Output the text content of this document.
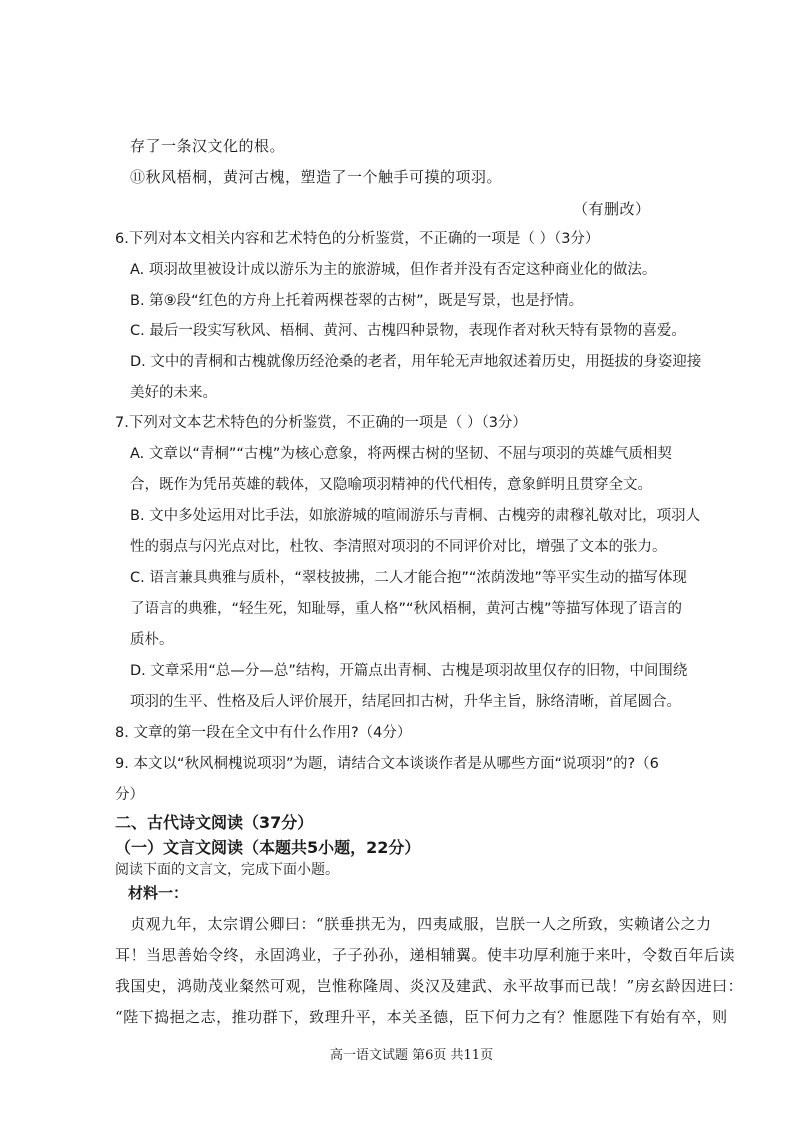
存了一条汉文化的根。
⑪秋风梧桐，黄河古槐，塑造了一个触手可摸的项羽。
（有删改）
6.下列对本文相关内容和艺术特色的分析鉴赏，不正确的一项是（ ）（3分）
A. 项羽故里被设计成以游乐为主的旅游城，但作者并没有否定这种商业化的做法。
B. 第⑨段“红色的方舟上托着两棵苍翠的古树”，既是写景，也是抒情。
C. 最后一段实写秋风、梧桐、黄河、古槐四种景物，表现作者对秋天特有景物的喜爱。
D. 文中的青桐和古槐就像历经沧桑的老者，用年轮无声地叙述着历史，用挺拔的身姿迎接
美好的未来。
7.下列对文本艺术特色的分析鉴赏，不正确的一项是（ ）（3分）
A. 文章以“青桐”“古槐”为核心意象，将两棵古树的坚韧、不屈与项羽的英雄气质相契
合，既作为凭吊英雄的载体，又隐喻项羽精神的代代相传，意象鲜明且贯穿全文。
B. 文中多处运用对比手法，如旅游城的喧闹游乐与青桐、古槐旁的肃穆礼敬对比，项羽人
性的弱点与闪光点对比，杜牧、李清照对项羽的不同评价对比，增强了文本的张力。
C. 语言兼具典雅与质朴，“翠枝披拂，二人才能合抱”“浓荫泼地”等平实生动的描写体现
了语言的典雅，“轻生死，知耻辱，重人格”“秋风梧桐，黄河古槐”等描写体现了语言的
质朴。
D. 文章采用“总—分—总”结构，开篇点出青桐、古槐是项羽故里仅存的旧物，中间围绕
项羽的生平、性格及后人评价展开，结尾回扣古树，升华主旨，脉络清晰，首尾圆合。
8. 文章的第一段在全文中有什么作用?（4分）
9. 本文以“秋风桐槐说项羽”为题，请结合文本谈谈作者是从哪些方面“说项羽”的?（6
分）
二、古代诗文阅读（37分）
（一）文言文阅读（本题共5小题，22分）
阅读下面的文言文，完成下面小题。
材料一：
贞观九年，太宗谓公卿曰：“朕垂拱无为，四夷咸服，岂朕一人之所致，实赖诸公之力
耳！当思善始令终，永固鸿业，子子孙孙，递相辅翼。使丰功厚利施于来叶，令数百年后读
我国史，鸿勋茂业粲然可观，岂惟称隆周、炎汉及建武、永平故事而已哉！”房玄龄因进曰：
“陛下捣挹之志，推功群下，致理升平，本关圣德，臣下何力之有？惟愿陛下有始有卒，则
高一语文试题 第6页 共11页
